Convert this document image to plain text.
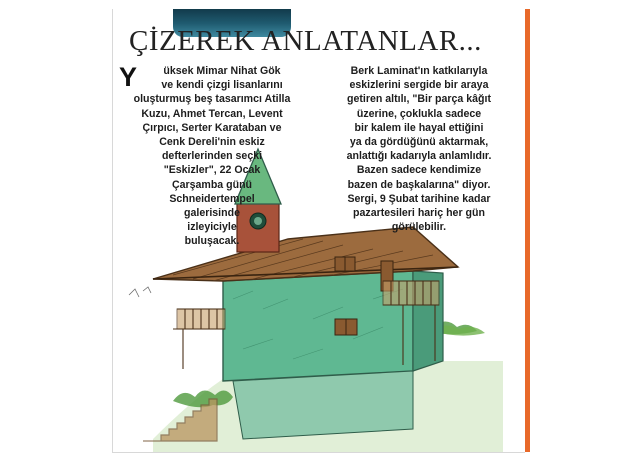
ÇİZEREK ANLATANLAR...
Y	üksek Mimar Nihat Gök

ve kendi çizgi lisanlarını

oluşturmuş beş tasarımcı Atilla

Kuzu, Ahmet Tercan, Levent

Çırpıcı, Serter Karataban ve

Cenk Dereli'nin eskiz

defterlerinden seçki

"Eskizler", 22 Ocak

Çarşamba günü

Schneidertempel

galerisinde

izleyiciyle

buluşacak.

Berk Laminat'ın katkılarıyla

eskizlerini sergide bir araya

getiren altılı, "Bir parça kâğıt

üzerine, çoklukla sadece

bir kalem ile hayal ettiğini

ya da gördüğünü aktarmak,

anlattığı kadarıyla anlamlıdır.

Bazen sadece kendimize

bazen de başkalarına" diyor.

Sergi, 9 Şubat tarihine kadar

pazartesileri hariç her gün

görülebilir.
